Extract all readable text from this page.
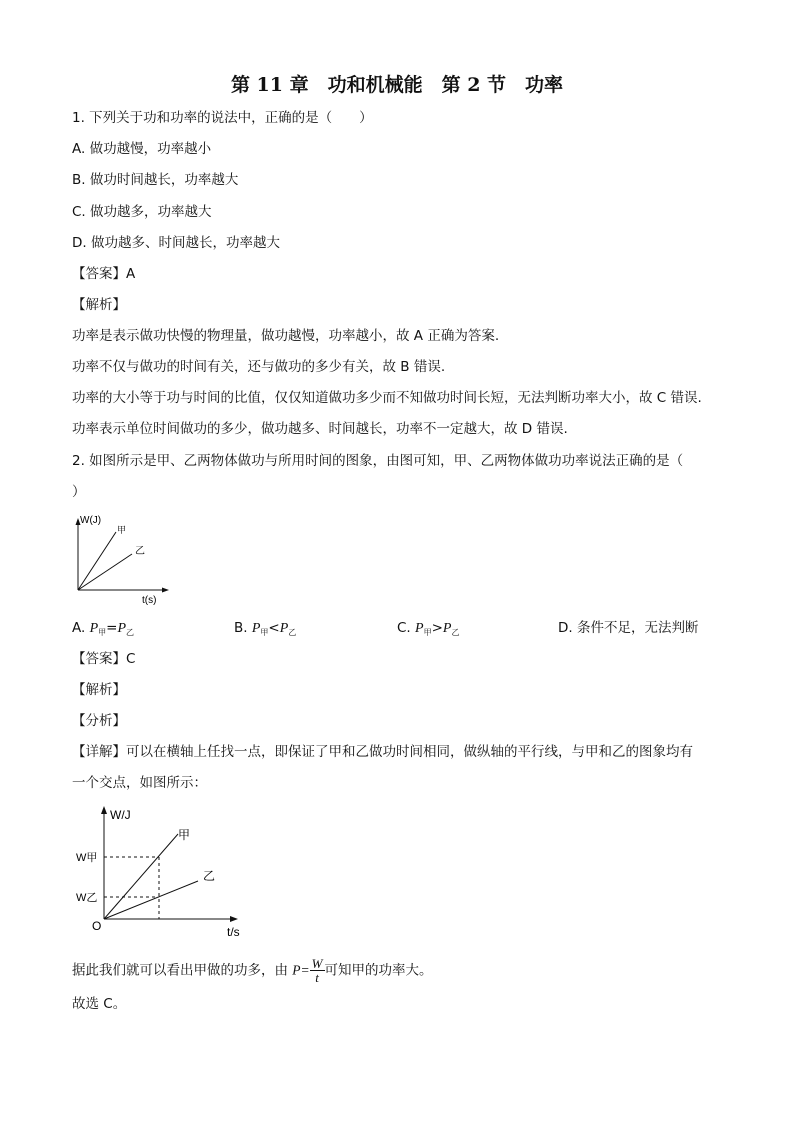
第 11 章　功和机械能　第 2 节　功率
1. 下列关于功和功率的说法中，正确的是（　　）
A. 做功越慢，功率越小
B. 做功时间越长，功率越大
C. 做功越多，功率越大
D. 做功越多、时间越长，功率越大
【答案】A
【解析】
功率是表示做功快慢的物理量，做功越慢，功率越小，故 A 正确为答案.
功率不仅与做功的时间有关，还与做功的多少有关，故 B 错误.
功率的大小等于功与时间的比值，仅仅知道做功多少而不知做功时间长短，无法判断功率大小，故 C 错误.
功率表示单位时间做功的多少，做功越多、时间越长，功率不一定越大，故 D 错误.
2. 如图所示是甲、乙两物体做功与所用时间的图象，由图可知，甲、乙两物体做功功率说法正确的是（
）
W(J)
t(s)
甲
乙
A. $P_甲=P_乙$	B. $P_甲<P_乙$	C. $P_甲>P_乙$	D. 条件不足，无法判断
【答案】C
【解析】
【分析】
【详解】可以在横轴上任找一点，即保证了甲和乙做功时间相同，做纵轴的平行线，与甲和乙的图象均有
一个交点，如图所示：
W/J
t/s
O
甲
乙
W甲
W乙
据此我们就可以看出甲做的功多，由 $P= \frac{W}{t}$ 可知甲的功率大。
故选 C。
